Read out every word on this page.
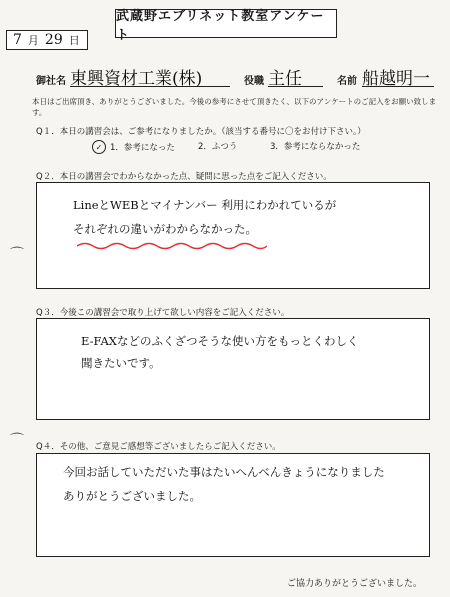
7 月 29 日
武蔵野エブリネット教室アンケート
御社名 東興資材工業(株)	役職 主任	名前 船越明一
本日はご出席頂き、ありがとうございました。今後の参考にさせて頂きたく、以下のアンケートのご記入をお願い致します。
Q１．本日の講習会は、ご参考になりましたか。（該当する番号に〇をお付け下さい。）
✓ 1．参考になった	2．ふつう	3．参考にならなかった
Q２．本日の講習会でわからなかった点、疑問に思った点をご記入ください。
LineとWEBとマイナンバー 利用にわかれているが
それぞれの違いがわからなかった。
⌒
Q３．今後この講習会で取り上げて欲しい内容をご記入ください。
E-FAXなどのふくざつそうな使い方をもっとくわしく
聞きたいです。
⌒ Q４．その他、ご意見ご感想等ございましたらご記入ください。
今回お話していただいた事はたいへんべんきょうになりました
ありがとうございました。
ご協力ありがとうございました。
